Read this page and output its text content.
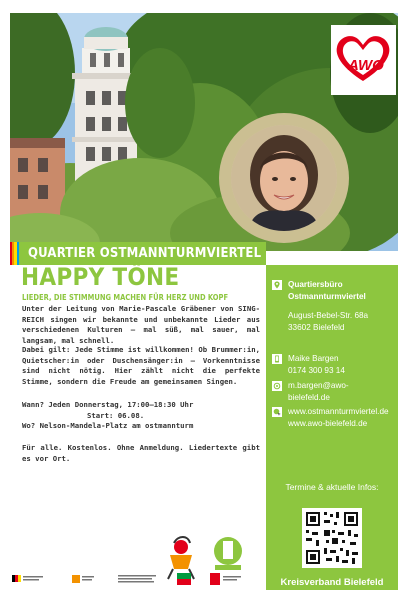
AWO
QUARTIER OSTMANNTURMVIERTEL
HAPPY TÖNE
LIEDER, DIE STIMMUNG MACHEN FÜR HERZ UND KOPF

Unter der Leitung von Marie-Pascale Gräbener von SING-REICH singen wir bekannte und unbekannte Lieder aus verschiedenen Kulturen – mal süß, mal sauer, mal langsam, mal schnell.

Dabei gilt: Jede Stimme ist willkommen! Ob Brummer:in, Quietscher:in oder Duschensänger:in – Vorkenntnisse sind nicht nötig. Hier zählt nicht die perfekte Stimme, sondern die Freude am gemeinsamen Singen.

Wann? Jeden Donnerstag, 17:00–18:30 Uhr
Start: 06.08.
Wo? Nelson-Mandela-Platz am ostmannturm

Für alle. Kostenlos. Ohne Anmeldung. Liedertexte gibt es vor Ort.

Quartiersbüro
Ostmannturmviertel
August-Bebel-Str. 68a
33602 Bielefeld
Maike Bargen
0174 300 93 14
m.bargen@awo-
bielefeld.de
www.ostmannturmviertel.de
www.awo-bielefeld.de
Termine & aktuelle Infos:
Kreisverband Bielefeld
